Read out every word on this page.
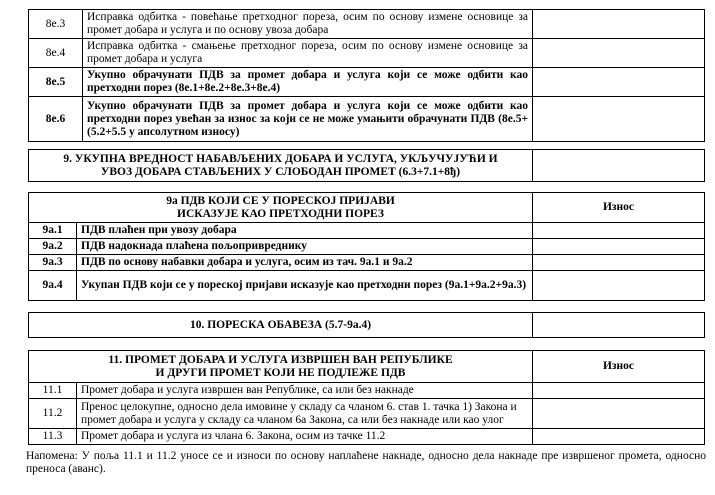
8е.3	Исправка одбитка - повећање претходног пореза, осим по основу измене основице за промет добара и услуга и по основу увоза добара	
8е.4	Исправка одбитка - смањење претходног пореза, осим по основу измене основице за промет добара и услуга	
8е.5	Укупно обрачунати ПДВ за промет добара и услуга који се може одбити као претходни порез (8е.1+8е.2+8е.3+8е.4)	
8е.6	Укупно обрачунати ПДВ за промет добара и услуга који се може одбити као претходни порез увећан за износ за који се не може умањити обрачунати ПДВ (8е.5+(5.2+5.5 у апсолутном износу)	
9. УКУПНА ВРЕДНОСТ НАБАВЉЕНИХ ДОБАРА И УСЛУГА, УКЉУЧУЈУЋИ И УВОЗ ДОБАРА СТАВЉЕНИХ У СЛОБОДАН ПРОМЕТ (6.3+7.1+8ђ)	
9а ПДВ КОЈИ СЕ У ПОРЕСКОЈ ПРИЈАВИ ИСКАЗУЈЕ КАО ПРЕТХОДНИ ПОРЕЗ		Износ
9а.1	ПДВ плаћен при увозу добара	
9а.2	ПДВ надокнада плаћена пољопривреднику	
9а.3	ПДВ по основу набавки добара и услуга, осим из тач. 9а.1 и 9а.2	
9а.4	Укупан ПДВ који се у пореској пријави исказује као претходни порез (9а.1+9а.2+9а.3)	
10. ПОРЕСКА ОБАВЕЗА (5.7-9а.4)	
11. ПРОМЕТ ДОБАРА И УСЛУГА ИЗВРШЕН ВАН РЕПУБЛИКЕ
И ДРУГИ ПРОМЕТ КОЈИ НЕ ПОДЛЕЖЕ ПДВ		Износ
11.1	Промет добара и услуга извршен ван Републике, са или без накнаде	
11.2	Пренос целокупне, односно дела имовине у складу са чланом 6. став 1. тачка 1) Закона и промет добара и услуга у складу са чланом 6а Закона, са или без накнаде или као улог	
11.3	Промет добара и услуга из члана 6. Закона, осим из тачке 11.2	
Напомена: У поља 11.1 и 11.2 уносе се и износи по основу наплаћене накнаде, односно дела накнаде пре извршеног промета, односно преноса (аванс).
